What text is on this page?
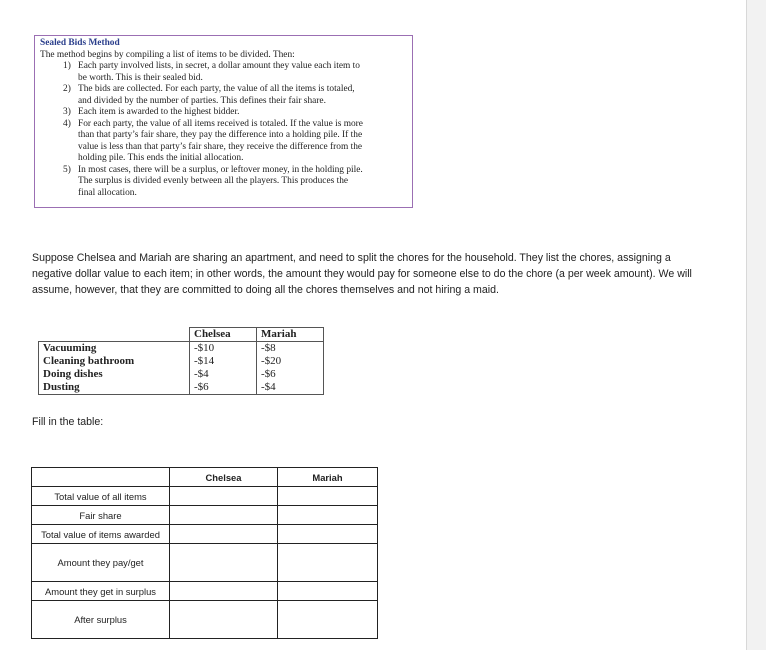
Sealed Bids Method
The method begins by compiling a list of items to be divided. Then:
1) Each party involved lists, in secret, a dollar amount they value each item to
be worth. This is their sealed bid.
2) The bids are collected. For each party, the value of all the items is totaled,
and divided by the number of parties. This defines their fair share.
3) Each item is awarded to the highest bidder.
4) For each party, the value of all items received is totaled. If the value is more
than that party’s fair share, they pay the difference into a holding pile. If the
value is less than that party’s fair share, they receive the difference from the
holding pile. This ends the initial allocation.
5) In most cases, there will be a surplus, or leftover money, in the holding pile.
The surplus is divided evenly between all the players. This produces the
final allocation.
Suppose Chelsea and Mariah are sharing an apartment, and need to split the chores for the household. They list the chores, assigning a
negative dollar value to each item; in other words, the amount they would pay for someone else to do the chore (a per week amount). We will
assume, however, that they are committed to doing all the chores themselves and not hiring a maid.
	Chelsea	Mariah
Vacuuming	-$10	-$8
Cleaning bathroom	-$14	-$20
Doing dishes	-$4	-$6
Dusting	-$6	-$4
Fill in the table:
	Chelsea	Mariah
Total value of all items		
Fair share		
Total value of items awarded		
Amount they pay/get		
Amount they get in surplus		
After surplus		
